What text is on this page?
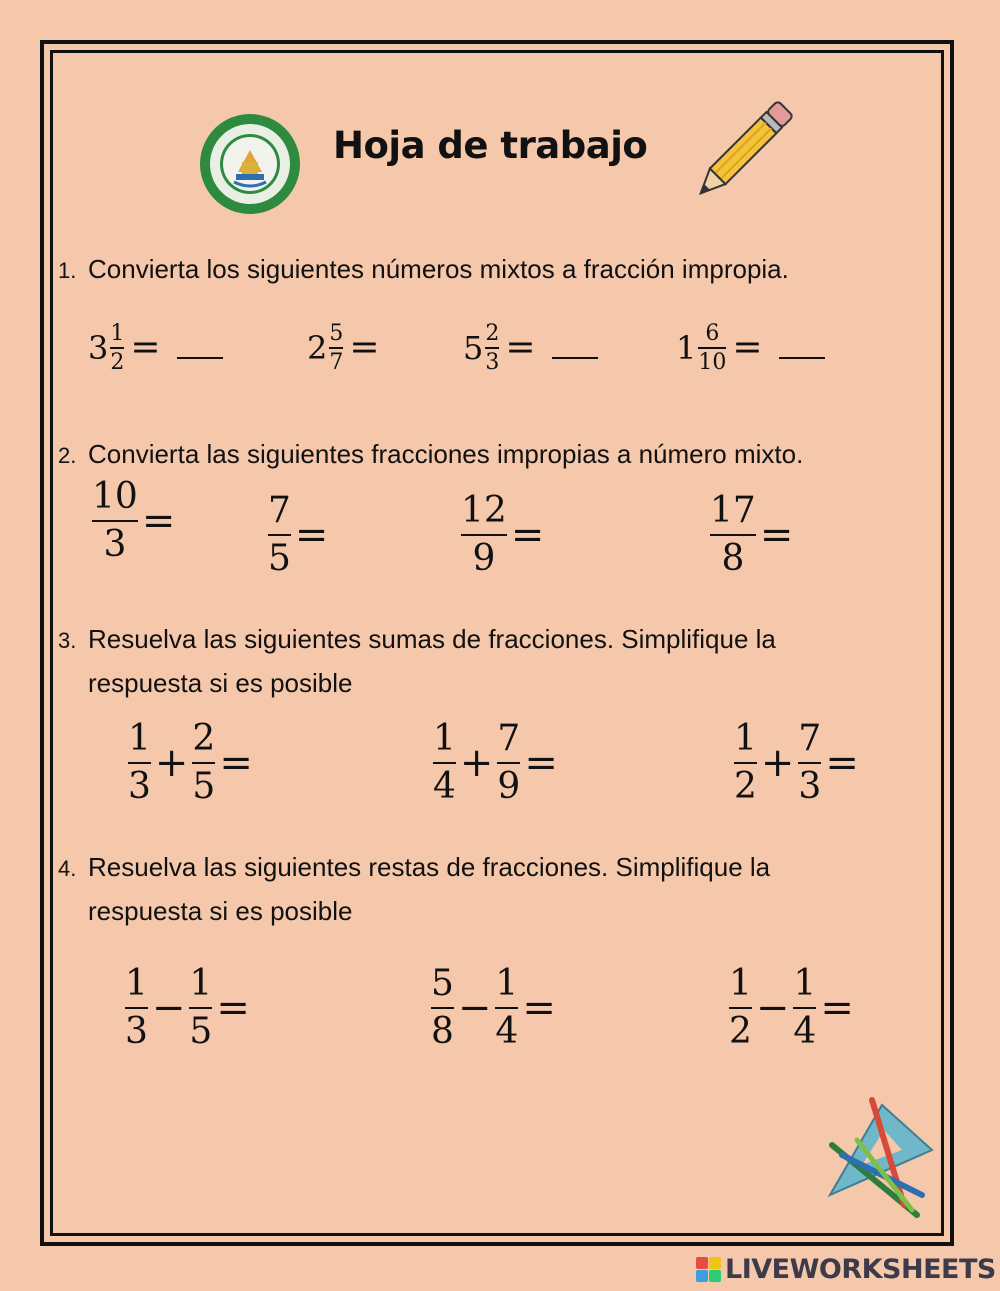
Hoja de trabajo
1. Convierta los siguientes números mixtos a fracción impropia.
$3 \frac{1}{2}$ =	$2 \frac{5}{7}$ =	$5 \frac{2}{3}$ =	$1 \frac{6}{10}$ =
2. Convierta las siguientes fracciones impropias a número mixto.
$\frac{10}{3}$ =	$\frac{7}{5}$ =	$\frac{12}{9}$ =	$\frac{17}{8}$ =
3. Resuelva las siguientes sumas de fracciones. Simplifique la
respuesta si es posible
$\frac{1}{3} + \frac{2}{5}$ =	$\frac{1}{4} + \frac{7}{9}$ =	$\frac{1}{2} + \frac{7}{3}$ =
4. Resuelva las siguientes restas de fracciones. Simplifique la
respuesta si es posible
$\frac{1}{3} - \frac{1}{5}$ =	$\frac{5}{8} - \frac{1}{4}$ =	$\frac{1}{2} - \frac{1}{4}$ =
LIVEWORKSHEETS
